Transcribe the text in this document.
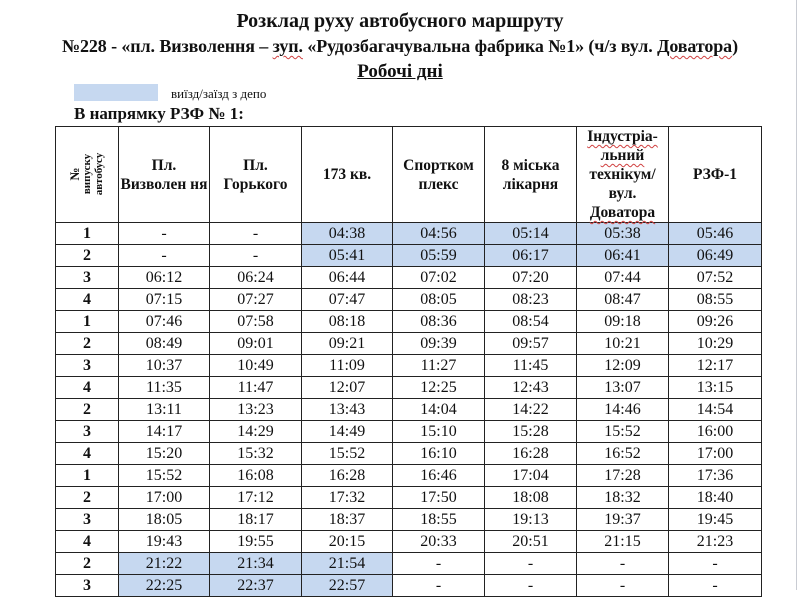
Розклад руху автобусного маршруту
№228 - «пл. Визволення – зуп. «Рудозбагачувальна фабрика №1» (ч/з вул. Доватора)
Робочі дні
виїзд/заїзд з депо
В напрямку РЗФ № 1:
№ випуску автобусу	Пл. Визволен ня	Пл. Горького	173 кв.	Спортком плекс	8 міська лікарня	Індустріа-
льний
технікум/
вул.
Доватора	РЗФ-1
1	-	-	04:38	04:56	05:14	05:38	05:46
2	-	-	05:41	05:59	06:17	06:41	06:49
3	06:12	06:24	06:44	07:02	07:20	07:44	07:52
4	07:15	07:27	07:47	08:05	08:23	08:47	08:55
1	07:46	07:58	08:18	08:36	08:54	09:18	09:26
2	08:49	09:01	09:21	09:39	09:57	10:21	10:29
3	10:37	10:49	11:09	11:27	11:45	12:09	12:17
4	11:35	11:47	12:07	12:25	12:43	13:07	13:15
2	13:11	13:23	13:43	14:04	14:22	14:46	14:54
3	14:17	14:29	14:49	15:10	15:28	15:52	16:00
4	15:20	15:32	15:52	16:10	16:28	16:52	17:00
1	15:52	16:08	16:28	16:46	17:04	17:28	17:36
2	17:00	17:12	17:32	17:50	18:08	18:32	18:40
3	18:05	18:17	18:37	18:55	19:13	19:37	19:45
4	19:43	19:55	20:15	20:33	20:51	21:15	21:23
2	21:22	21:34	21:54	-	-	-	-
3	22:25	22:37	22:57	-	-	-	-
